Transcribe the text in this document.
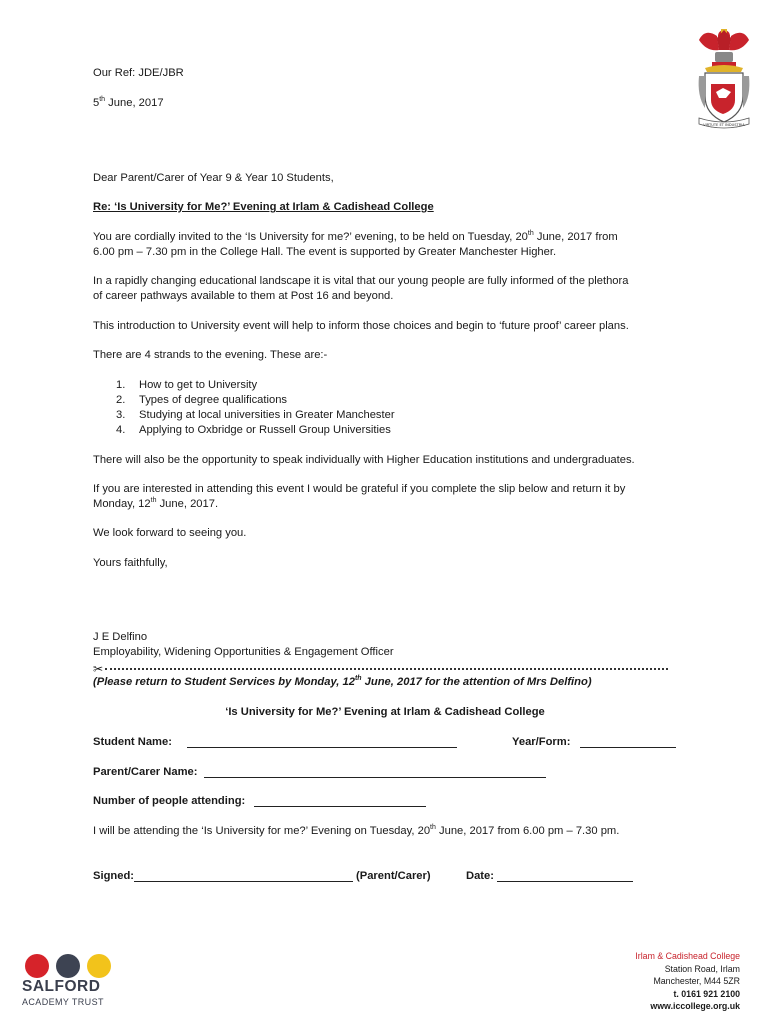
VIRTUTE ET INDUSTRIA
Our Ref: JDE/JBR
5th June, 2017
Dear Parent/Carer of Year 9 & Year 10 Students,
Re: ‘Is University for Me?’ Evening at Irlam & Cadishead College
You are cordially invited to the ‘Is University for me?’ evening, to be held on Tuesday, 20th June, 2017 from
6.00 pm – 7.30 pm in the College Hall. The event is supported by Greater Manchester Higher.
In a rapidly changing educational landscape it is vital that our young people are fully informed of the plethora
of career pathways available to them at Post 16 and beyond.
This introduction to University event will help to inform those choices and begin to ‘future proof’ career plans.
There are 4 strands to the evening. These are:-
1.	How to get to University
2.	Types of degree qualifications
3.	Studying at local universities in Greater Manchester
4.	Applying to Oxbridge or Russell Group Universities
There will also be the opportunity to speak individually with Higher Education institutions and undergraduates.
If you are interested in attending this event I would be grateful if you complete the slip below and return it by
Monday, 12th June, 2017.
We look forward to seeing you.
Yours faithfully,
J E Delfino
Employability, Widening Opportunities & Engagement Officer
✂
(Please return to Student Services by Monday, 12th June, 2017 for the attention of Mrs Delfino)
‘Is University for Me?’ Evening at Irlam & Cadishead College
Student Name:	Year/Form:
Parent/Carer Name:
Number of people attending:
I will be attending the ‘Is University for me?’ Evening on Tuesday, 20th June, 2017 from 6.00 pm – 7.30 pm.
Signed:	(Parent/Carer)	Date:
SALFORD
ACADEMY TRUST
Irlam & Cadishead College
Station Road, Irlam
Manchester, M44 5ZR
t. 0161 921 2100
www.iccollege.org.uk
